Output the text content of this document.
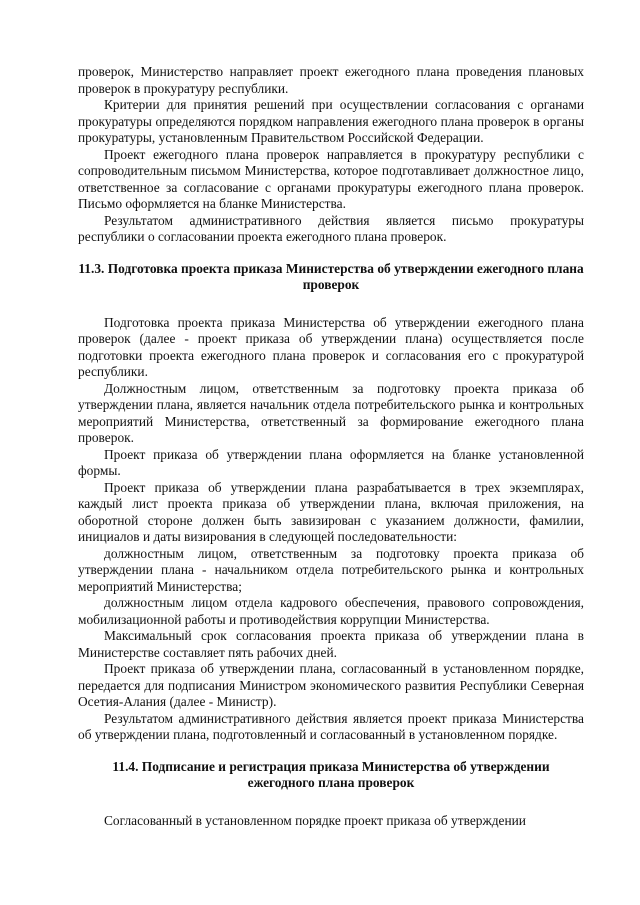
проверок, Министерство направляет проект ежегодного плана проведения плановых проверок в прокуратуру республики.

Критерии для принятия решений при осуществлении согласования с органами прокуратуры определяются порядком направления ежегодного плана проверок в органы прокуратуры, установленным Правительством Российской Федерации.

Проект ежегодного плана проверок направляется в прокуратуру республики с сопроводительным письмом Министерства, которое подготавливает должностное лицо, ответственное за согласование с органами прокуратуры ежегодного плана проверок. Письмо оформляется на бланке Министерства.

Результатом административного действия является письмо прокуратуры республики о согласовании проекта ежегодного плана проверок.

11.3. Подготовка проекта приказа Министерства об утверждении ежегодного плана проверок

Подготовка проекта приказа Министерства об утверждении ежегодного плана проверок (далее - проект приказа об утверждении плана) осуществляется после подготовки проекта ежегодного плана проверок и согласования его с прокуратурой республики.

Должностным лицом, ответственным за подготовку проекта приказа об утверждении плана, является начальник отдела потребительского рынка и контрольных мероприятий Министерства, ответственный за формирование ежегодного плана проверок.

Проект приказа об утверждении плана оформляется на бланке установленной формы.

Проект приказа об утверждении плана разрабатывается в трех экземплярах, каждый лист проекта приказа об утверждении плана, включая приложения, на оборотной стороне должен быть завизирован с указанием должности, фамилии, инициалов и даты визирования в следующей последовательности:

должностным лицом, ответственным за подготовку проекта приказа об утверждении плана - начальником отдела потребительского рынка и контрольных мероприятий Министерства;

должностным лицом отдела кадрового обеспечения, правового сопровождения, мобилизационной работы и противодействия коррупции Министерства.

Максимальный срок согласования проекта приказа об утверждении плана в Министерстве составляет пять рабочих дней.

Проект приказа об утверждении плана, согласованный в установленном порядке, передается для подписания Министром экономического развития Республики Северная Осетия-Алания (далее - Министр).

Результатом административного действия является проект приказа Министерства об утверждении плана, подготовленный и согласованный в установленном порядке.

11.4. Подписание и регистрация приказа Министерства об утверждении ежегодного плана проверок

Согласованный в установленном порядке проект приказа об утверждении
